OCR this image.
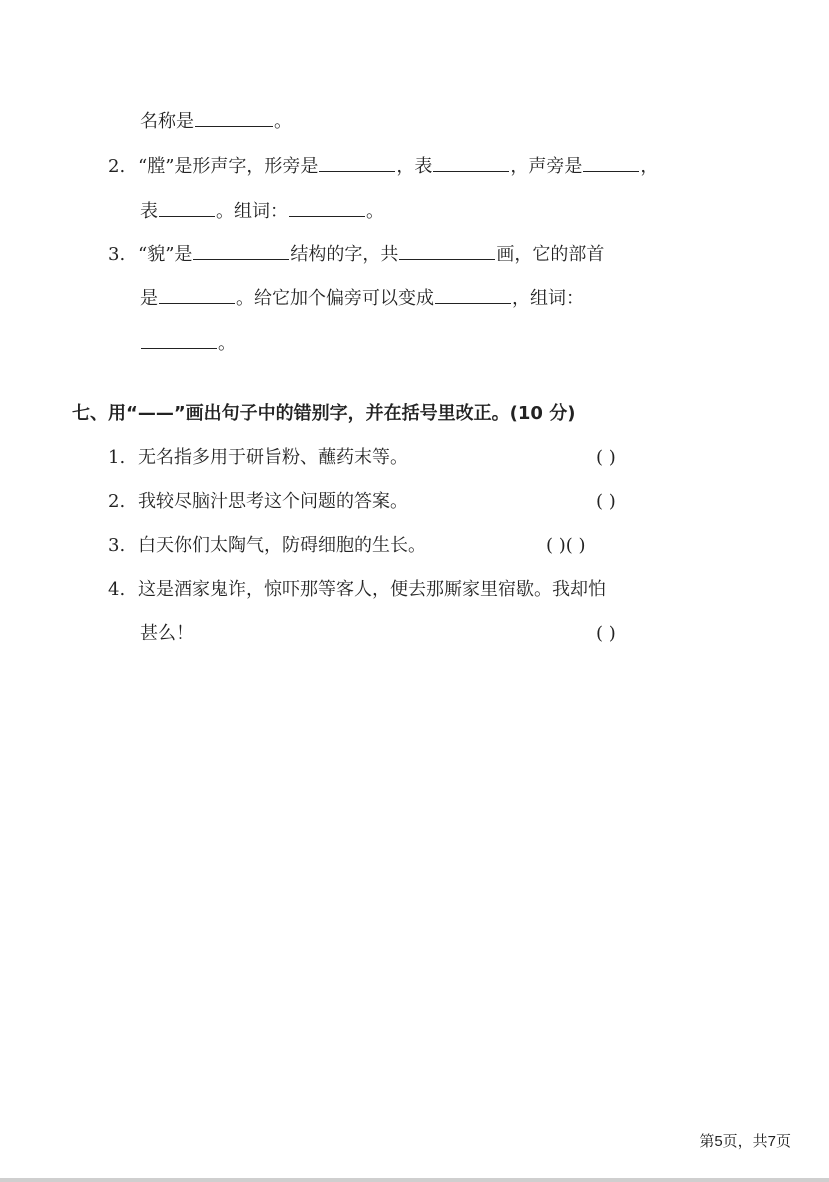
名称是	。
2. “膛”是形声字，形旁是	，表	，声旁是	，
表	。组词：	。
3. “貌”是	结构的字，共	画，它的部首
是	。给它加个偏旁可以变成	，组词：
。
七、用“——”画出句子中的错别字，并在括号里改正。(10 分)
1. 无名指多用于研旨粉、蘸药末等。	( )
2. 我较尽脑汁思考这个问题的答案。	( )
3. 白天你们太陶气，防碍细胞的生长。	( )( )
4. 这是酒家鬼诈，惊吓那等客人，便去那厮家里宿歇。我却怕
甚么！	( )
第5页，共7页
